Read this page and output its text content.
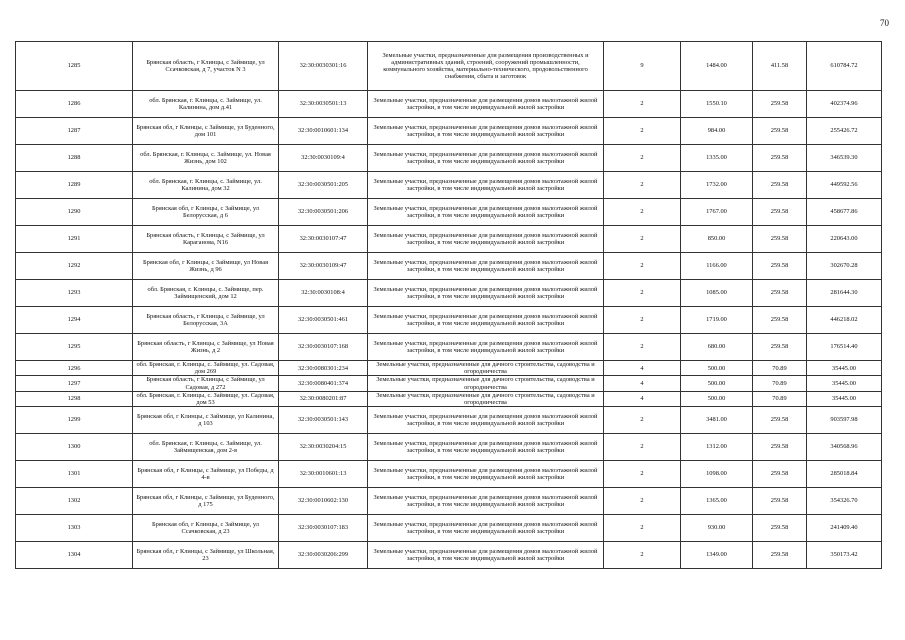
70
1285	Брянская область, г Клинцы, с Займище, ул Ссачковская, д 7, участок N 3	32:30:0030301:16	Земельные участки, предназначенные для размещения производственных и административных зданий, строений, сооружений промышленности, коммунального хозяйства, материально-технического, продовольственного снабжения, сбыта и заготовок	9	1484.00	411.58	610784.72
1286	обл. Брянская, г. Клинцы, с. Займище, ул. Калинина, дом д.41	32:30:0030501:13	Земельные участки, предназначенные для размещения домов малоэтажной жилой застройки, в том числе индивидуальной жилой застройки	2	1550.10	259.58	402374.96
1287	Брянская обл, г Клинцы, с Займище, ул Буденного, дом 101	32:30:0010601:134	Земельные участки, предназначенные для размещения домов малоэтажной жилой застройки, в том числе индивидуальной жилой застройки	2	984.00	259.58	255426.72
1288	обл. Брянская, г. Клинцы, с. Займище, ул. Новая Жизнь, дом 102	32:30:0030109:4	Земельные участки, предназначенные для размещения домов малоэтажной жилой застройки, в том числе индивидуальной жилой застройки	2	1335.00	259.58	346539.30
1289	обл. Брянская, г. Клинцы, с. Займище, ул. Калинина, дом 32	32:30:0030501:205	Земельные участки, предназначенные для размещения домов малоэтажной жилой застройки, в том числе индивидуальной жилой застройки	2	1732.00	259.58	449592.56
1290	Брянская обл, г Клинцы, с Займище, ул Белорусская, д 6	32:30:0030501:206	Земельные участки, предназначенные для размещения домов малоэтажной жилой застройки, в том числе индивидуальной жилой застройки	2	1767.00	259.58	458677.86
1291	Брянская область, г Клинцы, с Займище, ул Караганова, N16	32:30:0030107:47	Земельные участки, предназначенные для размещения домов малоэтажной жилой застройки, в том числе индивидуальной жилой застройки	2	850.00	259.58	220643.00
1292	Брянская обл, г Клинцы, с Займище, ул Новая Жизнь, д 96	32:30:0030109:47	Земельные участки, предназначенные для размещения домов малоэтажной жилой застройки, в том числе индивидуальной жилой застройки	2	1166.00	259.58	302670.28
1293	обл. Брянская, г. Клинцы, с. Займище, пер. Займищенский, дом 12	32:30:0030108:4	Земельные участки, предназначенные для размещения домов малоэтажной жилой застройки, в том числе индивидуальной жилой застройки	2	1085.00	259.58	281644.30
1294	Брянская область, г Клинцы, с Займище, ул Белорусская, 3А	32:30:0030501:461	Земельные участки, предназначенные для размещения домов малоэтажной жилой застройки, в том числе индивидуальной жилой застройки	2	1719.00	259.58	446218.02
1295	Брянская область, г Клинцы, с Займище, ул Новая Жизнь, д 2	32:30:0030107:168	Земельные участки, предназначенные для размещения домов малоэтажной жилой застройки, в том числе индивидуальной жилой застройки	2	680.00	259.58	176514.40
1296	обл. Брянская, г. Клинцы, с. Займище, ул. Садовая, дом 269	32:30:0080301:234	Земельные участки, предназначенные для дачного строительства, садоводства и огородничества	4	500.00	70.89	35445.00
1297	Брянская область, г Клинцы, с Займище, ул Садовая, д 272	32:30:0080401:374	Земельные участки, предназначенные для дачного строительства, садоводства и огородничества	4	500.00	70.89	35445.00
1298	обл. Брянская, г. Клинцы, с. Займище, ул. Садовая, дом 53	32:30:0080201:87	Земельные участки, предназначенные для дачного строительства, садоводства и огородничества	4	500.00	70.89	35445.00
1299	Брянская обл, г Клинцы, с Займище, ул Калинина, д 103	32:30:0030501:143	Земельные участки, предназначенные для размещения домов малоэтажной жилой застройки, в том числе индивидуальной жилой застройки	2	3481.00	259.58	903597.98
1300	обл. Брянская, г. Клинцы, с. Займище, ул. Займищенская, дом 2-в	32:30:0030204:15	Земельные участки, предназначенные для размещения домов малоэтажной жилой застройки, в том числе индивидуальной жилой застройки	2	1312.00	259.58	340568.96
1301	Брянская обл, г Клинцы, с Займище, ул Победы, д 4-в	32:30:0010601:13	Земельные участки, предназначенные для размещения домов малоэтажной жилой застройки, в том числе индивидуальной жилой застройки	2	1098.00	259.58	285018.84
1302	Брянская обл, г Клинцы, с Займище, ул Буденного, д 175	32:30:0010602:130	Земельные участки, предназначенные для размещения домов малоэтажной жилой застройки, в том числе индивидуальной жилой застройки	2	1365.00	259.58	354326.70
1303	Брянская обл, г Клинцы, с Займище, ул Ссачковская, д 23	32:30:0030107:183	Земельные участки, предназначенные для размещения домов малоэтажной жилой застройки, в том числе индивидуальной жилой застройки	2	930.00	259.58	241409.40
1304	Брянская обл, г Клинцы, с Займище, ул Школьная, 23	32:30:0030206:299	Земельные участки, предназначенные для размещения домов малоэтажной жилой застройки, в том числе индивидуальной жилой застройки	2	1349.00	259.58	350173.42
